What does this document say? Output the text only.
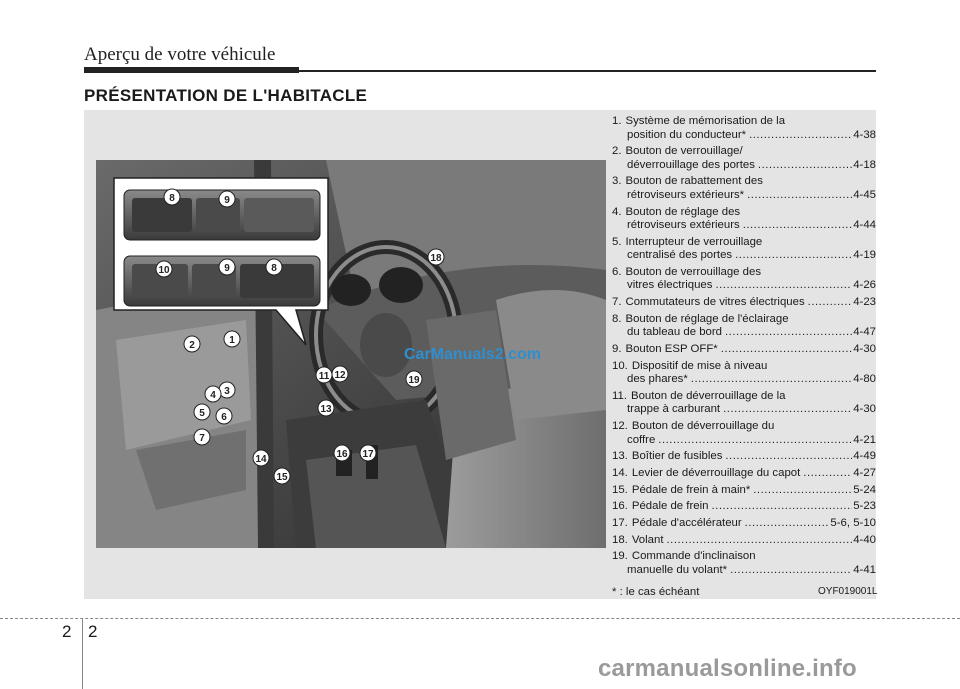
Aperçu de votre véhicule
PRÉSENTATION DE L'HABITACLE
8	9
10	9	8
1
2
3
4
5 6
7
11 12
13
14
15
16 17
18
19
CarManuals2.com
1. Système de mémorisation de la
position du conducteur* .....	4-38
2. Bouton de verrouillage/
déverrouillage des portes .....	4-18
3. Bouton de rabattement des
rétroviseurs extérieurs* .....	4-45
4. Bouton de réglage des
rétroviseurs extérieurs .....	4-44
5. Interrupteur de verrouillage
centralisé des portes .....	4-19
6. Bouton de verrouillage des
vitres électriques .....	4-26
7. Commutateurs de vitres électriques .....	4-23
8. Bouton de réglage de l'éclairage
du tableau de bord .....	4-47
9. Bouton ESP OFF* .....	4-30
10. Dispositif de mise à niveau
des phares* .....	4-80
11. Bouton de déverrouillage de la
trappe à carburant .....	4-30
12. Bouton de déverrouillage du
coffre .....	4-21
13. Boîtier de fusibles .....	4-49
14. Levier de déverrouillage du capot .....	4-27
15. Pédale de frein à main* .....	5-24
16. Pédale de frein .....	5-23
17. Pédale d'accélérateur .....	5-6, 5-10
18. Volant .....	4-40
19. Commande d'inclinaison
manuelle du volant* .....	4-41
* : le cas échéant	OYF019001L
2 2
carmanualsonline.info
